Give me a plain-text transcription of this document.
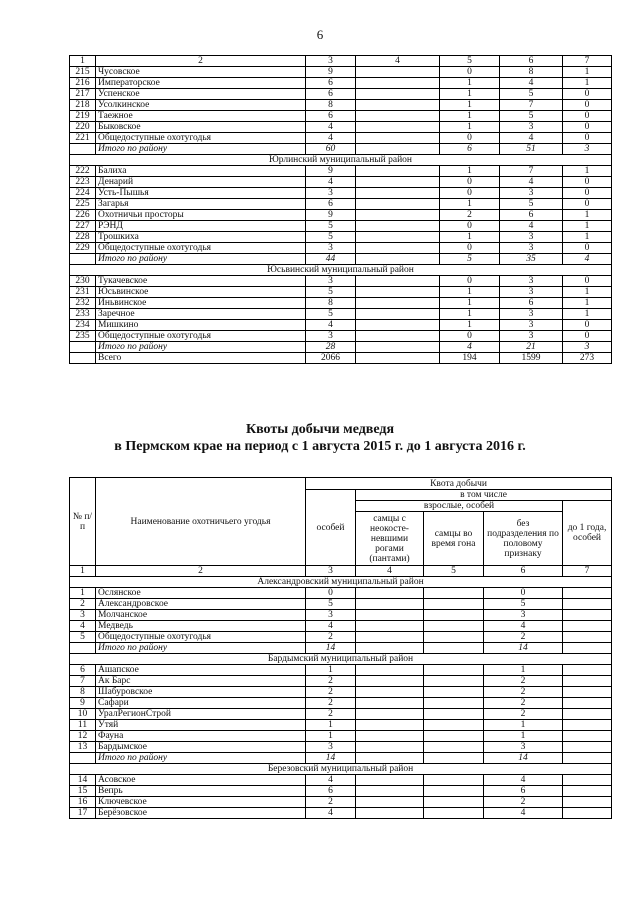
6
1	2	3	4	5	6	7
215	Чусовское	9		0	8	1
216	Императорское	6		1	4	1
217	Успенское	6		1	5	0
218	Усолкинское	8		1	7	0
219	Таежное	6		1	5	0
220	Быковское	4		1	3	0
221	Общедоступные охотугодья	4		0	4	0
	Итого по району	60		6	51	3
Юрлинский муниципальный район						
222	Балиха	9		1	7	1
223	Денарий	4		0	4	0
224	Усть-Пышья	3		0	3	0
225	Загарья	6		1	5	0
226	Охотничьи просторы	9		2	6	1
227	РЭНД	5		0	4	1
228	Трошкиха	5		1	3	1
229	Общедоступные охотугодья	3		0	3	0
	Итого по району	44		5	35	4
Юсьвинский муниципальный район						
230	Тукачевское	3		0	3	0
231	Юсьвинское	5		1	3	1
232	Иньвинское	8		1	6	1
233	Заречное	5		1	3	1
234	Мишкино	4		1	3	0
235	Общедоступные охотугодья	3		0	3	0
	Итого по району	28		4	21	3
	Всего	2066		194	1599	273
Квоты добычи медведя
в Пермском крае на период с 1 августа 2015 г. до 1 августа 2016 г.
№ п/п	Наименование охотничьего угодья	Квота добычи				
		особей	в том числе			
			взрослые, особей			до 1 года, особей
			самцы с неокосте-невшими рогами (пантами)	самцы во время гона	без подразделения по половому признаку	

1	2	3	4	5	6	7
Александровский муниципальный район						
1	Ослянское	0			0	
2	Александровское	5			5	
3	Молчанское	3			3	
4	Медведь	4			4	
5	Общедоступные охотугодья	2			2	
	Итого по району	14			14	
Бардымский муниципальный район						
6	Ашапское	1			1	
7	Ак Барс	2			2	
8	Шабуровское	2			2	
9	Сафари	2			2	
10	УралРегионСтрой	2			2	
11	Утяй	1			1	
12	Фауна	1			1	
13	Бардымское	3			3	
	Итого по району	14			14	
Березовский муниципальный район						
14	Асовское	4			4	
15	Вепрь	6			6	
16	Ключевское	2			2	
17	Берёзовское	4			4	
